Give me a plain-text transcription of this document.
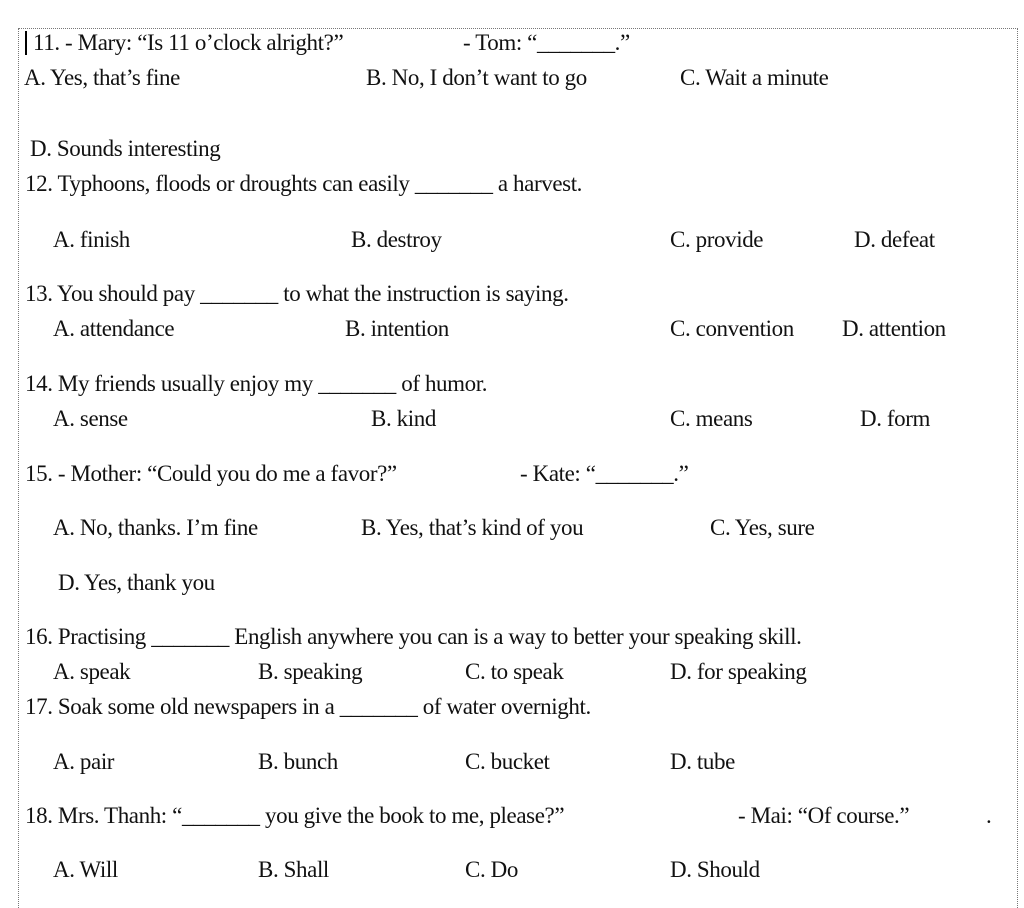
11. - Mary: “Is 11 o’clock alright?”	- Tom: “_______.”
A. Yes, that’s fine	B. No, I don’t want to go	C. Wait a minute
D. Sounds interesting
12. Typhoons, floods or droughts can easily _______ a harvest.
A. finish	B. destroy	C. provide	D. defeat
13. You should pay _______ to what the instruction is saying.
A. attendance	B. intention	C. convention D. attention
14. My friends usually enjoy my _______ of humor.
A. sense	B. kind	C. means	D. form
15. - Mother: “Could you do me a favor?”	- Kate: “_______.”
A. No, thanks. I’m fine	B. Yes, that’s kind of you	C. Yes, sure
D. Yes, thank you
16. Practising _______ English anywhere you can is a way to better your speaking skill.
A. speak	B. speaking	C. to speak	D. for speaking
17. Soak some old newspapers in a _______ of water overnight.
A. pair	B. bunch	C. bucket	D. tube
18. Mrs. Thanh: “_______ you give the book to me, please?”	- Mai: “Of course.”	.
A. Will	B. Shall	C. Do	D. Should
